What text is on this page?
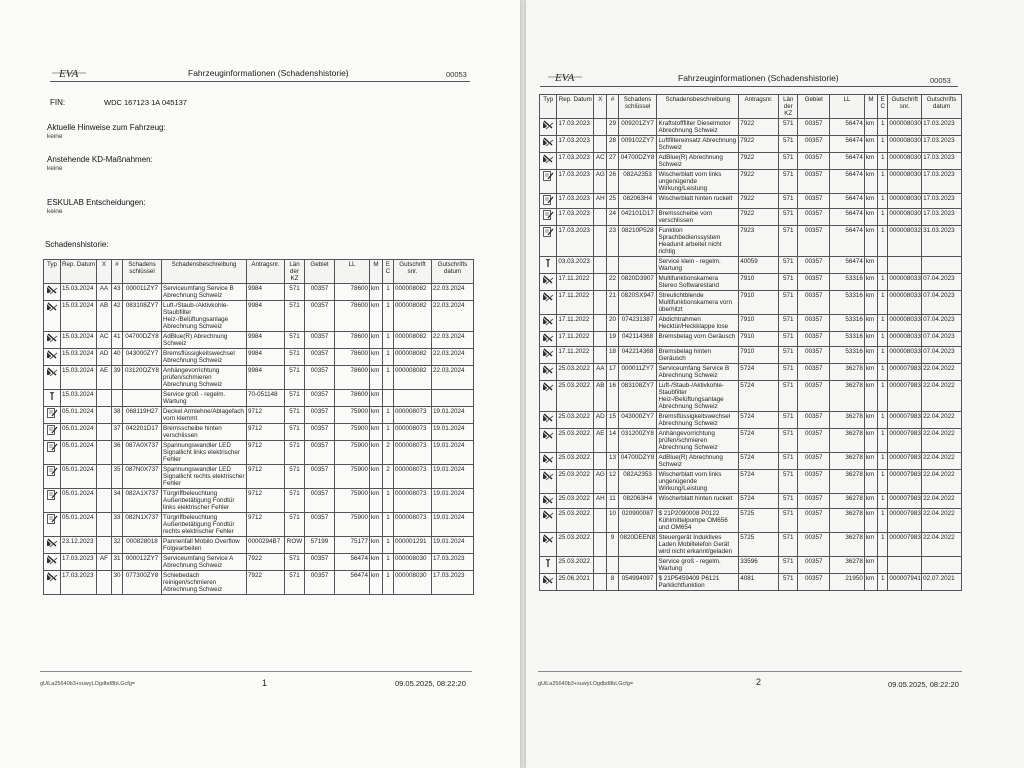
EVA	Fahrzeuginformationen (Schadenshistorie)	00053
FIN:	WDC 167123 1A 045137
Aktuelle Hinweise zum Fahrzeug:
keine
Anstehende KD-Maßnahmen:
keine
ESKULAB Entscheidungen:
keine
Schadenshistorie:
Typ	Rep. Datum	X	#	Schadens schlüssel	Schadensbeschreibung	Antragsnr.	Län der KZ	Gebiet	LL	M	E C	Gutschrift snr.	Gutschrifts datum
	15.03.2024	AA	43	000011ZY7	Serviceumfang Service B Abrechnung Schweiz	9984	571	00357	78600	km	1	000008082	22.03.2024
	15.03.2024	AB	42	083108ZY7	Luft-/Staub-/Aktivkohle-Staubfilter Heiz-/Belüftungsanlage Abrechnung Schweiz	9984	571	00357	78600	km	1	000008082	22.03.2024
	15.03.2024	AC	41	04700DZY8	AdBlue(R) Abrechnung Schweiz	9984	571	00357	78600	km	1	000008082	22.03.2024
	15.03.2024	AD	40	043000ZY7	Bremsflüssigkeitswechsel Abrechnung Schweiz	9984	571	00357	78600	km	1	000008082	22.03.2024
	15.03.2024	AE	39	03120OZY8	Anhängevorrichtung prüfen/schmieren Abrechnung Schweiz	9984	571	00357	78600	km	1	000008082	22.03.2024
	15.03.2024				Service groß - regelm. Wartung	70-051148	571	00357	78600	km			
	05.01.2024		38	068119H27	Deckel Armlehne/Ablagefach vorn klemmt	9712	571	00357	75900	km	1	000008073	19.01.2024
	05.01.2024		37	042201D17	Bremsscheibe hinten verschlissen	9712	571	00357	75900	km	1	000008073	19.01.2024
	05.01.2024		36	087A0X737	Spannungswandler LED Signallicht links elektrischer Fehler	9712	571	00357	75900	km	2	000008073	19.01.2024
	05.01.2024		35	087N0X737	Spannungswandler LED Signallicht rechts elektrischer Fehler	9712	571	00357	75900	km	2	000008073	19.01.2024
	05.01.2024		34	082A1X737	Türgriffbeleuchtung Außenbetätigung Fondtür links elektrischer Fehler	9712	571	00357	75900	km	1	000008073	19.01.2024
	05.01.2024		33	082N1X737	Türgriffbeleuchtung Außenbetätigung Fondtür rechts elektrischer Fehler	9712	571	00357	75900	km	1	000008073	19.01.2024
	23.12.2023		32	000828018	Pannenfall Mobilo Overflow Folgearbeiten	0000294B7	ROW	57199	75177	km	1	000001291	19.01.2024
	17.03.2023	AF	31	000012ZY7	Serviceumfang Service A Abrechnung Schweiz	7922	571	00357	56474	km	1	000008030	17.03.2023
	17.03.2023		30	077300ZY8	Schiebedach reinigen/schmieren Abrechnung Schweiz	7922	571	00357	56474	km	1	000008030	17.03.2023
gUiLa25640b3+suwyLOgdbd8bLGcfg=	1	09.05.2025, 08:22:20
EVA	Fahrzeuginformationen (Schadenshistorie)	00053
Typ	Rep. Datum	X	#	Schadens schlüssel	Schadensbeschreibung	Antragsnr.	Län der KZ	Gebiet	LL	M	E C	Gutschrift snr.	Gutschrifts datum
	17.03.2023		29	009201ZY7	Kraftstofffilter Dieselmotor Abrechnung Schweiz	7922	571	00357	56474	km	1	000008030	17.03.2023
	17.03.2023		28	009102ZY7	Luftfiltereinsatz Abrechnung Schweiz	7922	571	00357	56474	km	1	000008030	17.03.2023
	17.03.2023	AC	27	04700DZY8	AdBlue(R) Abrechnung Schweiz	7922	571	00357	56474	km	1	000008030	17.03.2023
	17.03.2023	AG	26	082A2353	Wischerblatt vorn links ungenügende Wirkung/Leistung	7922	571	00357	56474	km	1	000008030	17.03.2023
	17.03.2023	AH	25	082063H4	Wischerblatt hinten ruckelt	7922	571	00357	56474	km	1	000008030	17.03.2023
	17.03.2023		24	042101D17	Bremsscheibe vorn verschlissen	7922	571	00357	56474	km	1	000008030	17.03.2023
	17.03.2023		23	08210P528	Funktion Sprachbedienssystem Headunit arbeitet nicht richtig	7923	571	00357	56474	km	1	000008032	31.03.2023
	03.03.2023				Service klein - regelm. Wartung	40059	571	00357	56474	km			
	17.11.2022		22	0820D3907	Multifunktionskamera Stereo Softwarestand	7910	571	00357	53316	km	1	000008033	07.04.2023
	17.11.2022		21	0820SX947	Streulichtblende Multifunktionskamera vorn überhitzt	7910	571	00357	53316	km	1	000008033	07.04.2023
	17.11.2022		20	074231387	Abdichtrahmen Hecktür/Heckklappe lose	7910	571	00357	53316	km	1	000008033	07.04.2023
	17.11.2022		19	042114368	Bremsbelag vorn Geräusch	7910	571	00357	53316	km	1	000008033	07.04.2023
	17.11.2022		18	042214368	Bremsbelag hinten Geräusch	7910	571	00357	53316	km	1	000008033	07.04.2023
	25.03.2022	AA	17	000011ZY7	Serviceumfang Service B Abrechnung Schweiz	5724	571	00357	36278	km	1	000007983	22.04.2022
	25.03.2022	AB	16	083108ZY7	Luft-/Staub-/Aktivkohle-Staubfilter Heiz-/Belüftungsanlage Abrechnung Schweiz	5724	571	00357	36278	km	1	000007983	22.04.2022
	25.03.2022	AD	15	043000ZY7	Bremsflüssigkeitswechsel Abrechnung Schweiz	5724	571	00357	36278	km	1	000007983	22.04.2022
	25.03.2022	AE	14	031200ZY8	Anhängevorrichtung prüfen/schmieren Abrechnung Schweiz	5724	571	00357	36278	km	1	000007983	22.04.2022
	25.03.2022		13	04700DZY8	AdBlue(R) Abrechnung Schweiz	5724	571	00357	36278	km	1	000007983	22.04.2022
	25.03.2022	AG	12	082A2353	Wischerblatt vorn links ungenügende Wirkung/Leistung	5724	571	00357	36278	km	1	000007983	22.04.2022
	25.03.2022	AH	11	082063H4	Wischerblatt hinten ruckelt	5724	571	00357	36278	km	1	000007983	22.04.2022
	25.03.2022		10	020900087	$ 21P2090008 P0122 Kühlmittelpumpe OM656 und OM654	5725	571	00357	36278	km	1	000007983	22.04.2022
	25.03.2022		9	0820DEEN8	Steuergerät Induktives Laden Mobiltelefon Gerät wird nicht erkannt/geladen	5725	571	00357	36278	km	1	000007983	22.04.2022
	25.03.2022				Service groß - regelm. Wartung	33596	571	00357	36278	km			
	25.06.2021		8	054994097	$ 21P5459409 P6121 Parklichtfunktion	4081	571	00357	21950	km	1	000007941	02.07.2021
gUiLa25640b3+suwyLOgdbd8bLGcfg=	2	09.05.2025, 08:22:20
